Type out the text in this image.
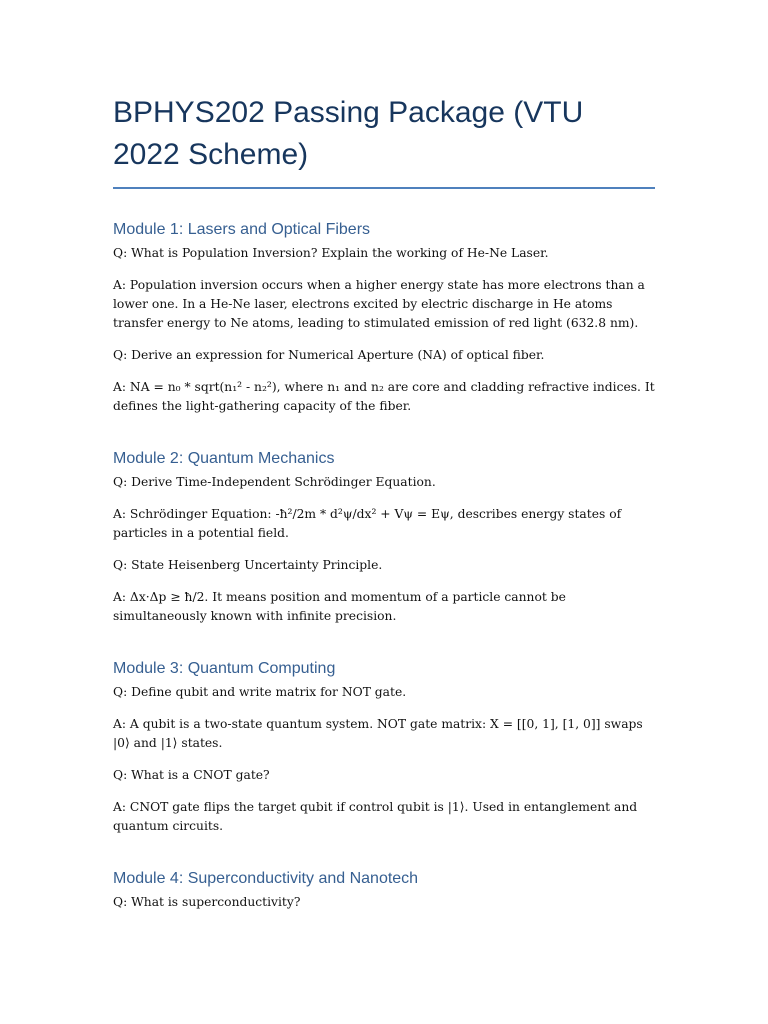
BPHYS202 Passing Package (VTU 2022 Scheme)
Module 1: Lasers and Optical Fibers

Q: What is Population Inversion? Explain the working of He-Ne Laser.

A: Population inversion occurs when a higher energy state has more electrons than a lower one. In a He-Ne laser, electrons excited by electric discharge in He atoms transfer energy to Ne atoms, leading to stimulated emission of red light (632.8 nm).

Q: Derive an expression for Numerical Aperture (NA) of optical fiber.

A: NA = n₀ * sqrt(n₁² - n₂²), where n₁ and n₂ are core and cladding refractive indices. It defines the light-gathering capacity of the fiber.

Module 2: Quantum Mechanics

Q: Derive Time-Independent Schrödinger Equation.

A: Schrödinger Equation: -ħ²/2m * d²ψ/dx² + Vψ = Eψ, describes energy states of particles in a potential field.

Q: State Heisenberg Uncertainty Principle.

A: Δx·Δp ≥ ħ/2. It means position and momentum of a particle cannot be simultaneously known with infinite precision.

Module 3: Quantum Computing

Q: Define qubit and write matrix for NOT gate.

A: A qubit is a two-state quantum system. NOT gate matrix: X = [[0, 1], [1, 0]] swaps |0⟩ and |1⟩ states.

Q: What is a CNOT gate?

A: CNOT gate flips the target qubit if control qubit is |1⟩. Used in entanglement and quantum circuits.

Module 4: Superconductivity and Nanotech

Q: What is superconductivity?
